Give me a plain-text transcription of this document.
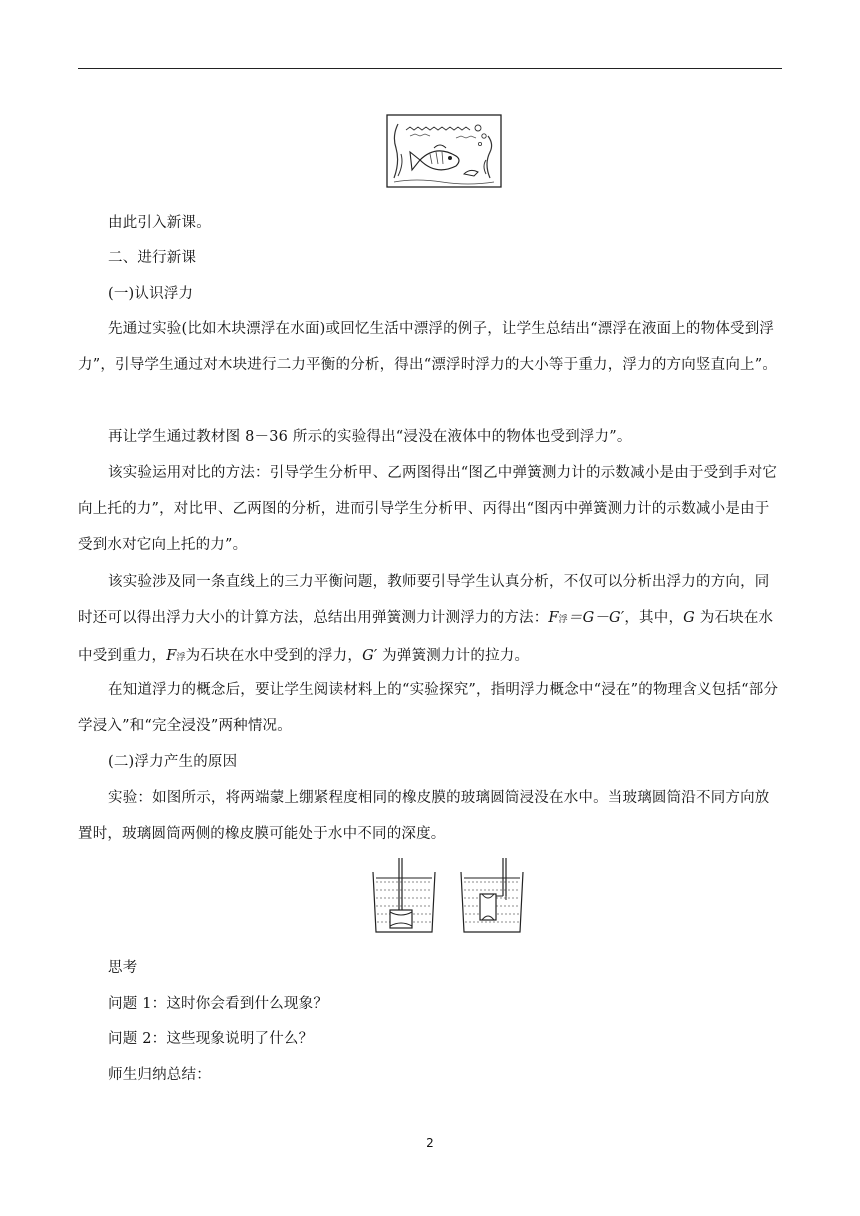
由此引入新课。

二、进行新课

(一)认识浮力

先通过实验(比如木块漂浮在水面)或回忆生活中漂浮的例子，让学生总结出“漂浮在液面上的物体受到浮力”，引导学生通过对木块进行二力平衡的分析，得出“漂浮时浮力的大小等于重力，浮力的方向竖直向上”。

再让学生通过教材图 8－36 所示的实验得出“浸没在液体中的物体也受到浮力”。

该实验运用对比的方法：引导学生分析甲、乙两图得出“图乙中弹簧测力计的示数减小是由于受到手对它向上托的力”，对比甲、乙两图的分析，进而引导学生分析甲、丙得出“图丙中弹簧测力计的示数减小是由于受到水对它向上托的力”。

该实验涉及同一条直线上的三力平衡问题，教师要引导学生认真分析，不仅可以分析出浮力的方向，同时还可以得出浮力大小的计算方法，总结出用弹簧测力计测浮力的方法：F浮＝G－G′，其中，G 为石块在水中受到重力，F浮为石块在水中受到的浮力，G′ 为弹簧测力计的拉力。

在知道浮力的概念后，要让学生阅读材料上的“实验探究”，指明浮力概念中“浸在”的物理含义包括“部分学浸入”和“完全浸没”两种情况。

(二)浮力产生的原因

实验：如图所示，将两端蒙上绷紧程度相同的橡皮膜的玻璃圆筒浸没在水中。当玻璃圆筒沿不同方向放置时，玻璃圆筒两侧的橡皮膜可能处于水中不同的深度。

思考

问题 1：这时你会看到什么现象？

问题 2：这些现象说明了什么？

师生归纳总结：

2
